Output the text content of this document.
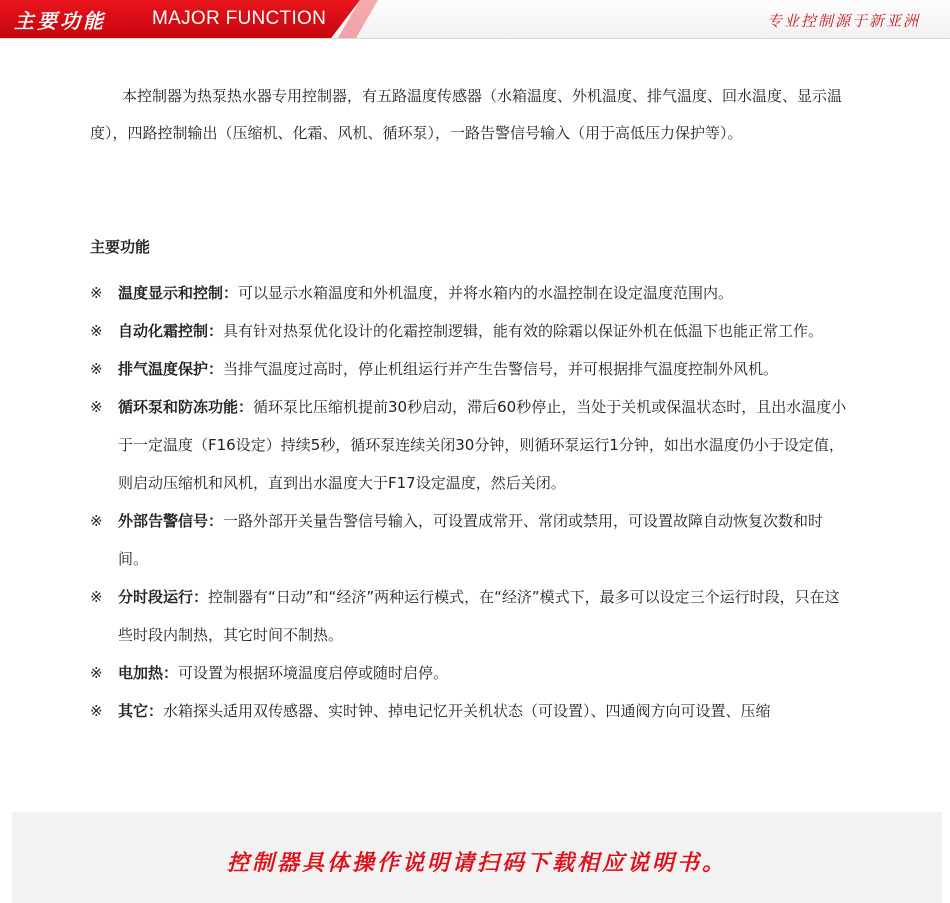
主要功能 MAJOR FUNCTION	专业控制源于新亚洲

本控制器为热泵热水器专用控制器，有五路温度传感器（水箱温度、外机温度、排气温度、回水温度、显示温度），四路控制输出（压缩机、化霜、风机、循环泵），一路告警信号输入（用于高低压力保护等）。

主要功能
※	温度显示和控制：可以显示水箱温度和外机温度，并将水箱内的水温控制在设定温度范围内。
※	自动化霜控制：具有针对热泵优化设计的化霜控制逻辑，能有效的除霜以保证外机在低温下也能正常工作。
※	排气温度保护：当排气温度过高时，停止机组运行并产生告警信号，并可根据排气温度控制外风机。
※	循环泵和防冻功能：循环泵比压缩机提前30秒启动，滞后60秒停止，当处于关机或保温状态时，且出水温度小于一定温度（F16设定）持续5秒，循环泵连续关闭30分钟，则循环泵运行1分钟，如出水温度仍小于设定值，则启动压缩机和风机，直到出水温度大于F17设定温度，然后关闭。
※	外部告警信号：一路外部开关量告警信号输入，可设置成常开、常闭或禁用，可设置故障自动恢复次数和时间。
※	分时段运行：控制器有“日动”和“经济”两种运行模式，在“经济”模式下，最多可以设定三个运行时段，只在这些时段内制热，其它时间不制热。
※	电加热：可设置为根据环境温度启停或随时启停。
※	其它：水箱探头适用双传感器、实时钟、掉电记忆开关机状态（可设置）、四通阀方向可设置、压缩
控制器具体操作说明请扫码下载相应说明书。
